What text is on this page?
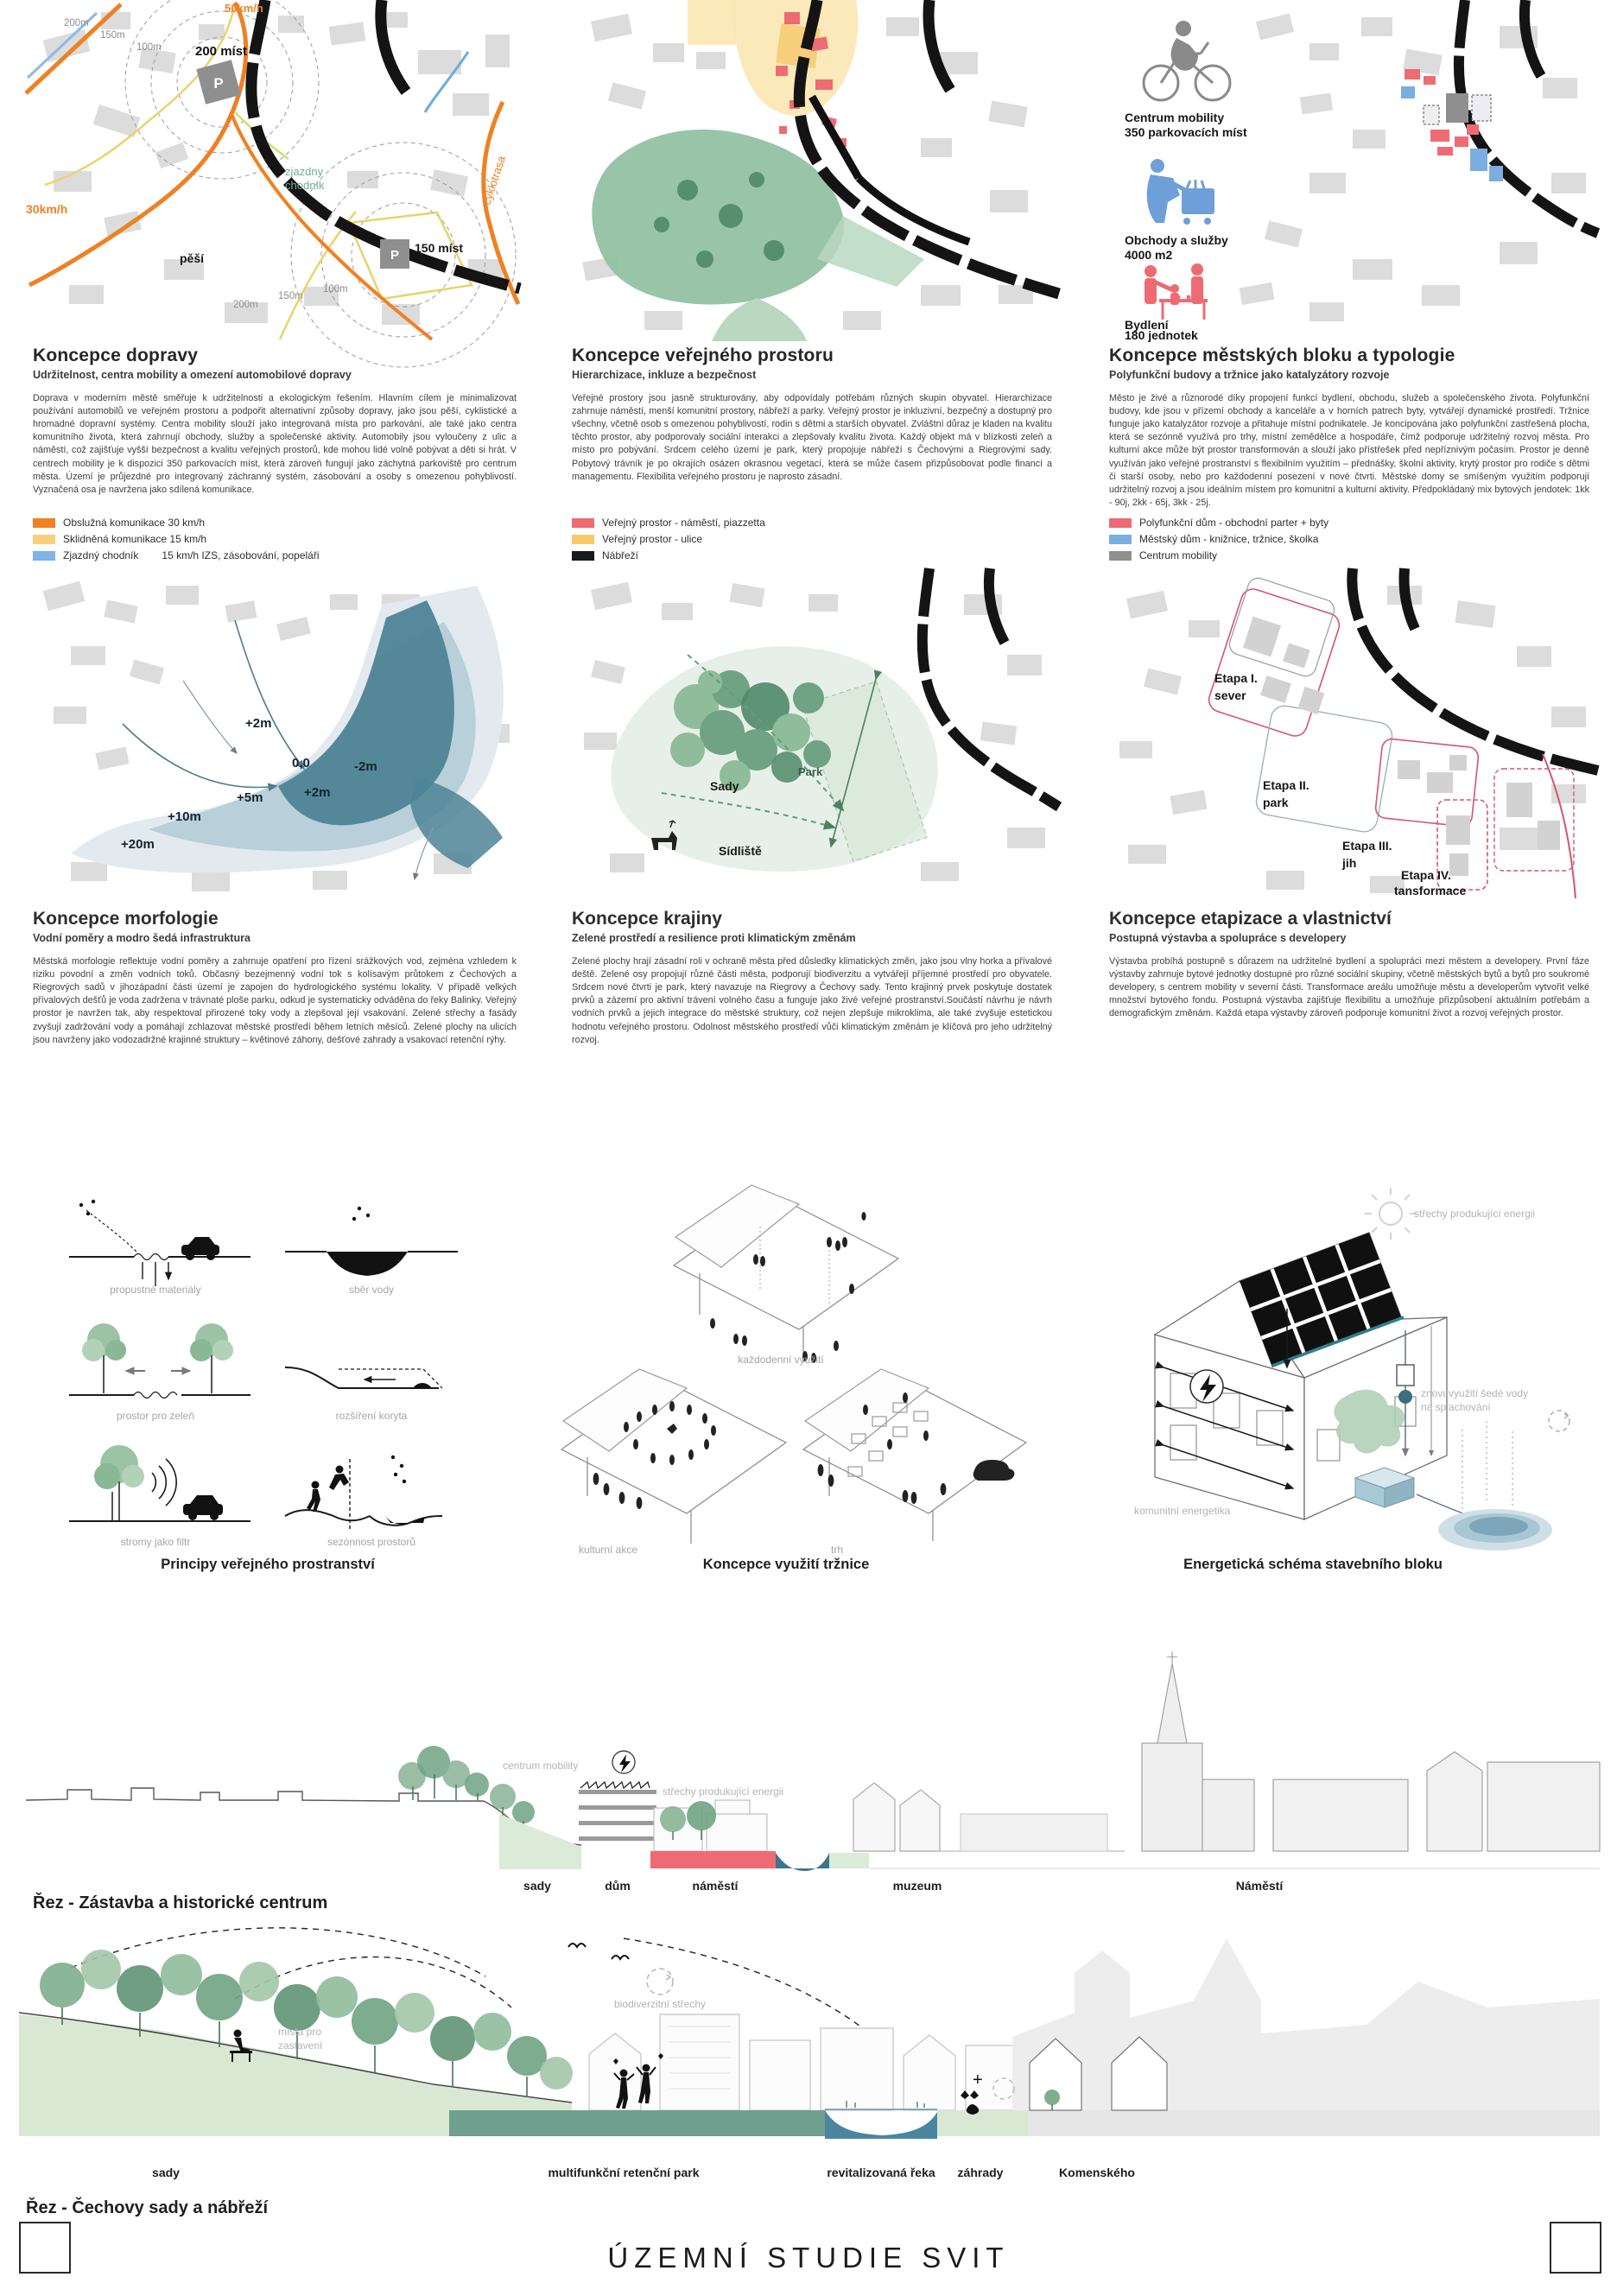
P
P
200 míst
150 míst
pěší
50km/h
30km/h
cyklotrasa
zjazdny
chodník
200m
150m
100m
200m
150m
100m
Centrum mobility
350 parkovacích míst
Obchody a služby
4000 m2
Bydlení
180 jednotek
Koncepce dopravy
Udržitelnost, centra mobility a omezení automobilové dopravy
Doprava v moderním městě směřuje k udržitelnosti a ekologickým řešením. Hlavním cílem je minimalizovat používání automobilů ve veřejném prostoru a podpořit alternativní způsoby dopravy, jako jsou pěší, cyklistické a hromadné dopravní systémy. Centra mobility slouží jako integrovaná místa pro parkování, ale také jako centra komunitního života, která zahrnují obchody, služby a společenské aktivity. Automobily jsou vyloučeny z ulic a náměstí, což zajišťuje vyšší bezpečnost a kvalitu veřejných prostorů, kde mohou lidé volně pobývat a děti si hrát. V centrech mobility je k dispozici 350 parkovacích míst, která zároveň fungují jako záchytná parkoviště pro centrum města. Území je průjezdné pro integrovaný záchranný systém, zásobování a osoby s omezenou pohyblivostí. Vyznačená osa je navržena jako sdílená komunikace.
Obslužná komunikace 30 km/h
Sklidněná komunikace 15 km/h
Zjazdný chodník 15 km/h IZS, zásobování, popeláři
Koncepce veřejného prostoru
Hierarchizace, inkluze a bezpečnost
Veřejné prostory jsou jasně strukturovány, aby odpovídaly potřebám různých skupin obyvatel. Hierarchizace zahrnuje náměstí, menší komunitní prostory, nábřeží a parky. Veřejný prostor je inkluzivní, bezpečný a dostupný pro všechny, včetně osob s omezenou pohyblivostí, rodin s dětmi a starších obyvatel. Zvláštní důraz je kladen na kvalitu těchto prostor, aby podporovaly sociální interakci a zlepšovaly kvalitu života. Každý objekt má v blízkosti zeleň a místo pro pobývání. Srdcem celého území je park, který propojuje nábřeží s Čechovými a Riegrovými sady. Pobytový trávník je po okrajích osázen okrasnou vegetací, která se může časem přizpůsobovat podle financí a managementu. Flexibilita veřejného prostoru je naprosto zásadní.
Veřejný prostor - náměstí, piazzetta
Veřejný prostor - ulice
Nábřeží
Koncepce městských bloku a typologie
Polyfunkční budovy a tržnice jako katalyzátory rozvoje
Město je živé a různorodé díky propojení funkcí bydlení, obchodu, služeb a společenského života. Polyfunkční budovy, kde jsou v přízemí obchody a kanceláře a v horních patrech byty, vytvářejí dynamické prostředí. Tržnice funguje jako katalyzátor rozvoje a přitahuje místní podnikatele. Je koncipována jako polyfunkční zastřešená plocha, která se sezónně využívá pro trhy, místní zemědělce a hospodáře, čímž podporuje udržitelný rozvoj města. Pro kulturní akce může být prostor transformován a slouží jako přístřešek před nepříznivým počasím. Prostor je denně využíván jako veřejné prostranství s flexibilním využitím – přednášky, školní aktivity, krytý prostor pro rodiče s dětmi či starší osoby, nebo pro každodenní posezení v nové čtvrti. Městské domy se smíšeným využitím podporují udržitelný rozvoj a jsou ideálním místem pro komunitní a kulturní aktivity. Předpokládaný mix bytových jendotek: 1kk - 90j, 2kk - 65j, 3kk - 25j.
Polyfunkční dům - obchodní parter + byty
Městský dům - knižnice, tržnice, školka
Centrum mobility
+2m
0,0	-2m
+5m	+2m
+10m
+20m
Sady
Park
Sídliště
Etapa I.
sever
Etapa II.
park
Etapa III.
jih
Etapa IV.
tansformace
Koncepce morfologie
Vodní poměry a modro šedá infrastruktura
Městská morfologie reflektuje vodní poměry a zahrnuje opatření pro řízení srážkových vod, zejména vzhledem k riziku povodní a změn vodních toků. Občasný bezejmenný vodní tok s kolísavým průtokem z Čechových a Riegrových sadů v jihozápadní části území je zapojen do hydrologického systému lokality. V případě velkých přívalových dešťů je voda zadržena v trávnaté ploše parku, odkud je systematicky odváděna do řeky Balinky. Veřejný prostor je navržen tak, aby respektoval přirozené toky vody a zlepšoval její vsakování. Zelené střechy a fasády zvyšují zadržování vody a pomáhají zchlazovat městské prostředí během letních měsíců. Zelené plochy na ulicích jsou navrženy jako vodozadržné krajinné struktury – květinové záhony, dešťové zahrady a vsakovací retenční rýhy.
Koncepce krajiny
Zelené prostředí a resilience proti klimatickým změnám
Zelené plochy hrají zásadní roli v ochraně města před důsledky klimatických změn, jako jsou vlny horka a přívalové deště. Zelené osy propojují různé části města, podporují biodiverzitu a vytvářejí příjemné prostředí pro obyvatele. Srdcem nové čtvrti je park, který navazuje na Riegrovy a Čechovy sady. Tento krajinný prvek poskytuje dostatek prvků a zázemí pro aktivní trávení volného času a funguje jako živé veřejné prostranství.Součástí návrhu je návrh vodních prvků a jejich integrace do městské struktury, což nejen zlepšuje mikroklima, ale také zvyšuje estetickou hodnotu veřejného prostoru. Odolnost městského prostředí vůči klimatickým změnám je klíčová pro jeho udržitelný rozvoj.
Koncepce etapizace a vlastnictví
Postupná výstavba a spolupráce s developery
Výstavba probíhá postupně s důrazem na udržitelné bydlení a spolupráci mezi městem a developery. První fáze výstavby zahrnuje bytové jednotky dostupné pro různé sociální skupiny, včetně městských bytů a bytů pro soukromé developery, s centrem mobility v severní části. Transformace areálu umožňuje městu a developerům vytvořit velké množství bytového fondu. Postupná výstavba zajišťuje flexibilitu a umožňuje přizpůsobení aktuálním potřebám a demografickým změnám. Každá etapa výstavby zároveň podporuje komunitní život a rozvoj veřejných prostor.
propustné materiály	sběr vody
prostor pro zeleň	rozšíření koryta
stromy jako filtr	sezónnost prostorů
Principy veřejného prostranství
každodenní využití
kulturní akce	trh
Koncepce využití tržnice
střechy produkující energii
znovuvyužití šedé vody
na splachování
komunitní energetika
Energetická schéma stavebního bloku
centrum mobility
střechy produkující energii
sady	dům	náměstí	muzeum	Náměstí
Řez - Zástavba a historické centrum
místa pro
zastavení
biodiverzitní střechy
+
sady	multifunkční retenční park	revitalizovaná řeka záhrady	Komenského
Řez - Čechovy sady a nábřeží
ÚZEMNÍ STUDIE SVIT
